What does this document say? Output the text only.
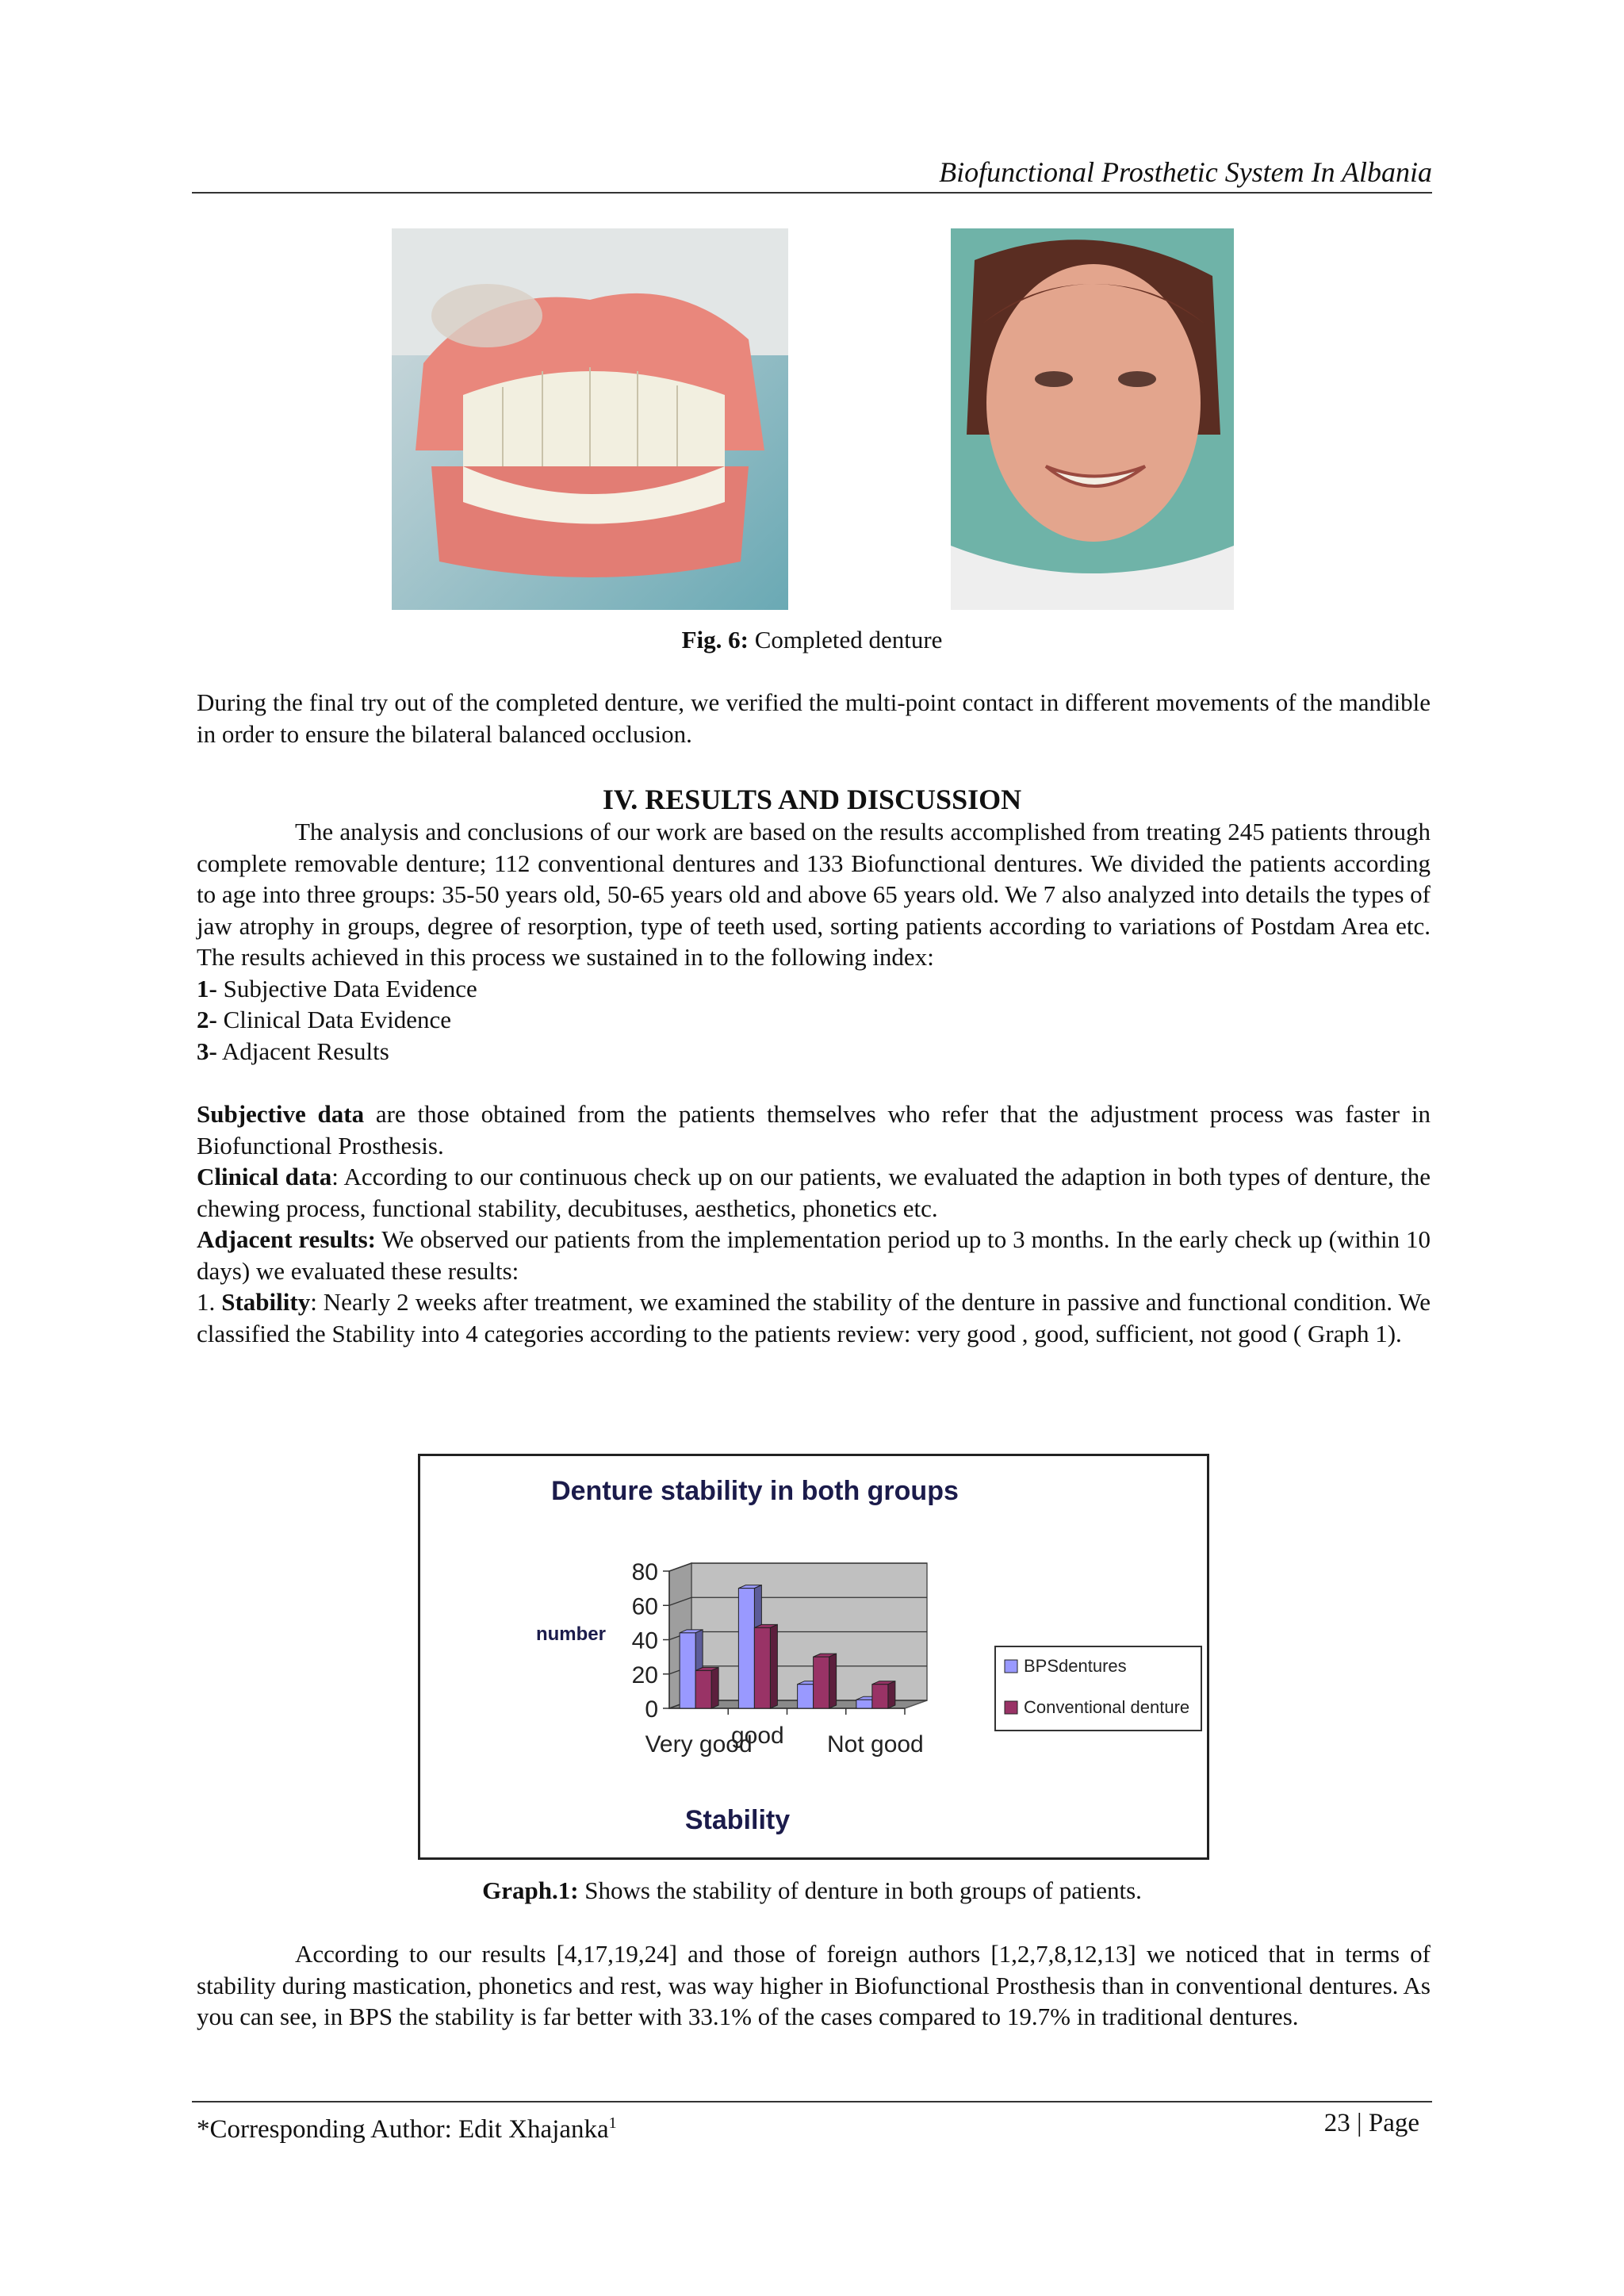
Biofunctional Prosthetic System In Albania
Fig. 6: Completed denture
During the final try out of the completed denture, we verified the multi-point contact in different movements of the mandible in order to ensure the bilateral balanced occlusion.
IV. RESULTS AND DISCUSSION

The analysis and conclusions of our work are based on the results accomplished from treating 245 patients through complete removable denture; 112 conventional dentures and 133 Biofunctional dentures. We divided the patients according to age into three groups: 35-50 years old, 50-65 years old and above 65 years old. We 7 also analyzed into details the types of jaw atrophy in groups, degree of resorption, type of teeth used, sorting patients according to variations of Postdam Area etc. The results achieved in this process we sustained in to the following index:

1- Subjective Data Evidence
2- Clinical Data Evidence
3- Adjacent Results

Subjective data are those obtained from the patients themselves who refer that the adjustment process was faster in Biofunctional Prosthesis.

Clinical data: According to our continuous check up on our patients, we evaluated the adaption in both types of denture, the chewing process, functional stability, decubituses, aesthetics, phonetics etc.

Adjacent results: We observed our patients from the implementation period up to 3 months. In the early check up (within 10 days) we evaluated these results:

1. Stability: Nearly 2 weeks after treatment, we examined the stability of the denture in passive and functional condition. We classified the Stability into 4 categories according to the patients review: very good , good, sufficient, not good ( Graph 1).

Denture stability in both groups
0
20
40
60
80
number
Stability
Very good
good Not good
BPSdentures
Conventional denture
Graph.1: Shows the stability of denture in both groups of patients.

According to our results [4,17,19,24] and those of foreign authors [1,2,7,8,12,13] we noticed that in terms of stability during mastication, phonetics and rest, was way higher in Biofunctional Prosthesis than in conventional dentures. As you can see, in BPS the stability is far better with 33.1% of the cases compared to 19.7% in traditional dentures.

*Corresponding Author: Edit Xhajanka$^1$	23 | Page
